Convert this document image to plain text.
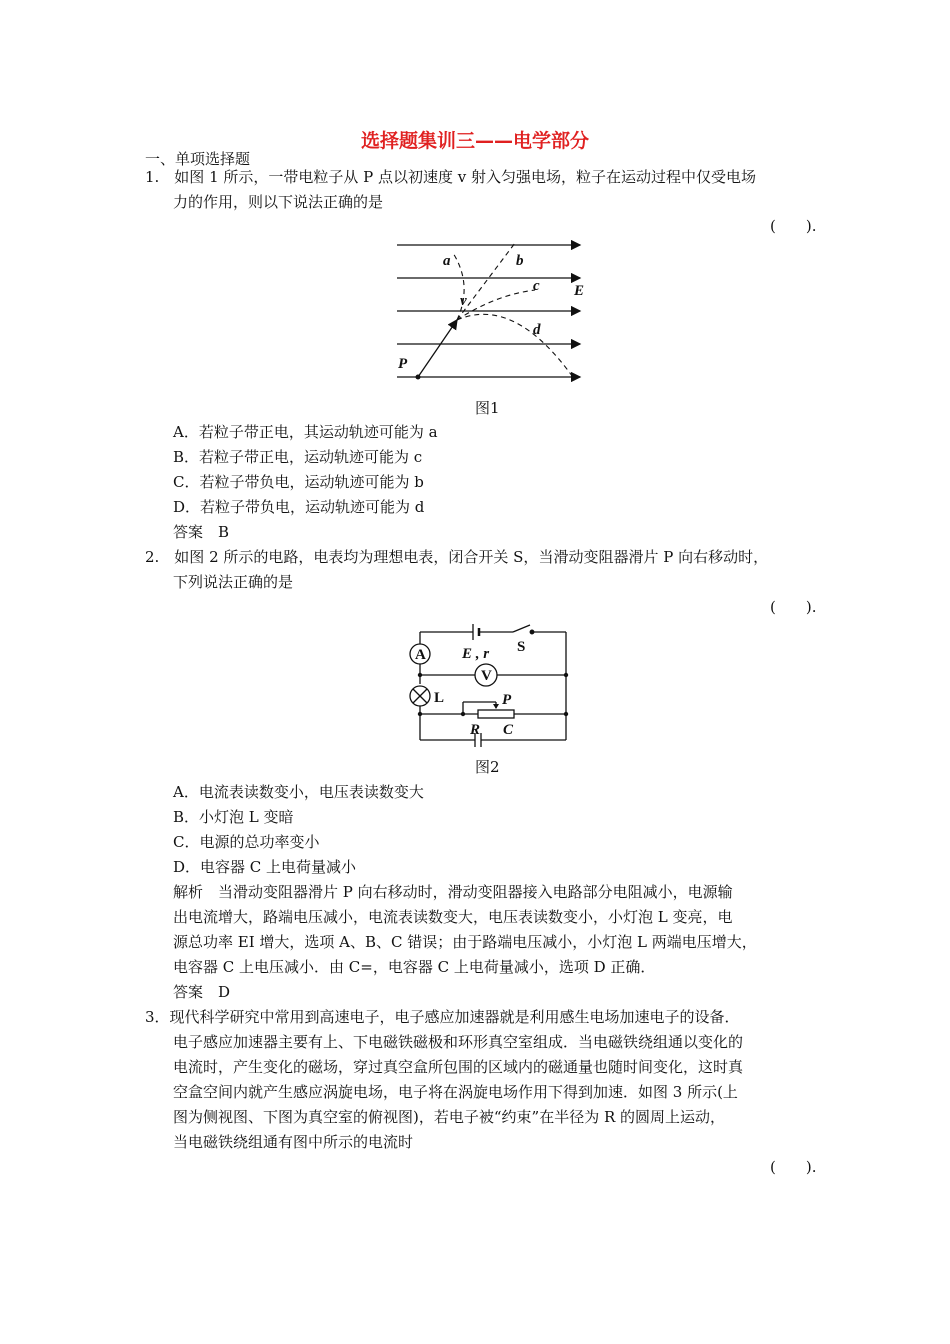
选择题集训三——电学部分
一、单项选择题
1.　如图 1 所示，一带电粒子从 P 点以初速度 v 射入匀强电场，粒子在运动过程中仅受电场
力的作用，则以下说法正确的是
(　　).
a	b
c E
v
d
P
图1
A．若粒子带正电，其运动轨迹可能为 a
B．若粒子带正电，运动轨迹可能为 c
C．若粒子带负电，运动轨迹可能为 b
D．若粒子带负电，运动轨迹可能为 d
答案　B
2.　如图 2 所示的电路，电表均为理想电表，闭合开关 S，当滑动变阻器滑片 P 向右移动时，
下列说法正确的是
(　　).
A E , r S
V
L	P
R C
图2
A．电流表读数变小，电压表读数变大
B．小灯泡 L 变暗
C．电源的总功率变小
D．电容器 C 上电荷量减小
解析　当滑动变阻器滑片 P 向右移动时，滑动变阻器接入电路部分电阻减小，电源输
出电流增大，路端电压减小，电流表读数变大，电压表读数变小，小灯泡 L 变亮，电
源总功率 EI 增大，选项 A、B、C 错误；由于路端电压减小，小灯泡 L 两端电压增大，
电容器 C 上电压减小．由 C=，电容器 C 上电荷量减小，选项 D 正确．
答案　D
3．现代科学研究中常用到高速电子，电子感应加速器就是利用感生电场加速电子的设备．
电子感应加速器主要有上、下电磁铁磁极和环形真空室组成．当电磁铁绕组通以变化的
电流时，产生变化的磁场，穿过真空盒所包围的区域内的磁通量也随时间变化，这时真
空盒空间内就产生感应涡旋电场，电子将在涡旋电场作用下得到加速．如图 3 所示(上
图为侧视图、下图为真空室的俯视图)，若电子被“约束”在半径为 R 的圆周上运动，
当电磁铁绕组通有图中所示的电流时
(　　).
